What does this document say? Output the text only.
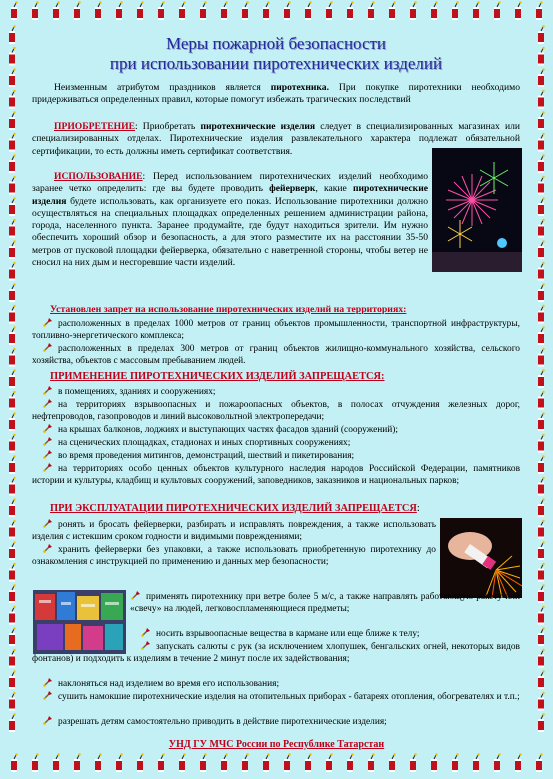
Меры пожарной безопасности
при использовании пиротехнических изделий
Неизменным атрибутом праздников является пиротехника. При покупке пиротехники необходимо придерживаться определенных правил, которые помогут избежать трагических последствий
ПРИОБРЕТЕНИЕ: Приобретать пиротехнические изделия следует в специализированных магазинах или специализированных отделах. Пиротехнические изделия развлекательного характера подлежат обязательной сертификации, то есть должны иметь сертификат соответствия.
ИСПОЛЬЗОВАНИЕ: Перед использованием пиротехнических изделий необходимо заранее четко определить: где вы будете проводить фейерверк, какие пиротехнические изделия будете использовать, как организуете его показ. Использование пиротехники должно осуществляться на специальных площадках определенных решением администрации района, города, населенного пункта. Заранее продумайте, где будут находиться зрители. Им нужно обеспечить хороший обзор и безопасность, а для этого разместите их на расстоянии 35-50 метров от пусковой площадки фейерверка, обязательно с наветренной стороны, чтобы ветер не сносил на них дым и несгоревшие части изделий.
Установлен запрет на использование пиротехнических изделий на территориях:
расположенных в пределах 1000 метров от границ объектов промышленности, транспортной инфраструктуры, топливно-энергетического комплекса;
расположенных в пределах 300 метров от границ объектов жилищно-коммунального хозяйства, сельского хозяйства, объектов с массовым пребыванием людей.
ПРИМЕНЕНИЕ ПИРОТЕХНИЧЕСКИХ ИЗДЕЛИЙ ЗАПРЕЩАЕТСЯ:
в помещениях, зданиях и сооружениях;
на территориях взрывоопасных и пожароопасных объектов, в полосах отчуждения железных дорог, нефтепроводов, газопроводов и линий высоковольтной электропередачи;
на крышах балконов, лоджиях и выступающих частях фасадов зданий (сооружений);
на сценических площадках, стадионах и иных спортивных сооружениях;
во время проведения митингов, демонстраций, шествий и пикетирования;
на территориях особо ценных объектов культурного наследия народов Российской Федерации, памятников истории и культуры, кладбищ и культовых сооружений, заповедников, заказников и национальных парков;
ПРИ ЭКСПЛУАТАЦИИ ПИРОТЕХНИЧЕСКИХ ИЗДЕЛИЙ ЗАПРЕЩАЕТСЯ:
ронять и бросать фейерверки, разбирать и исправлять повреждения, а также использовать изделия с истекшим сроком годности и видимыми повреждениями;
хранить фейерверки без упаковки, а также использовать приобретенную пиротехнику до ознакомления с инструкцией по применению и данных мер безопасности;
применять пиротехнику при ветре более 5 м/с, а также направлять работающую ракету или «свечу» на людей, легковоспламеняющиеся предметы;
носить взрывоопасные вещества в кармане или еще ближе к телу;
запускать салюты с рук (за исключением хлопушек, бенгальских огней, некоторых видов фонтанов) и подходить к изделиям в течение 2 минут после их задействования;
наклоняться над изделием во время его использования;
сушить намокшие пиротехнические изделия на отопительных приборах - батареях отопления, обогревателях и т.п.;
разрешать детям самостоятельно приводить в действие пиротехнические изделия;
УНД ГУ МЧС России по Республике Татарстан
